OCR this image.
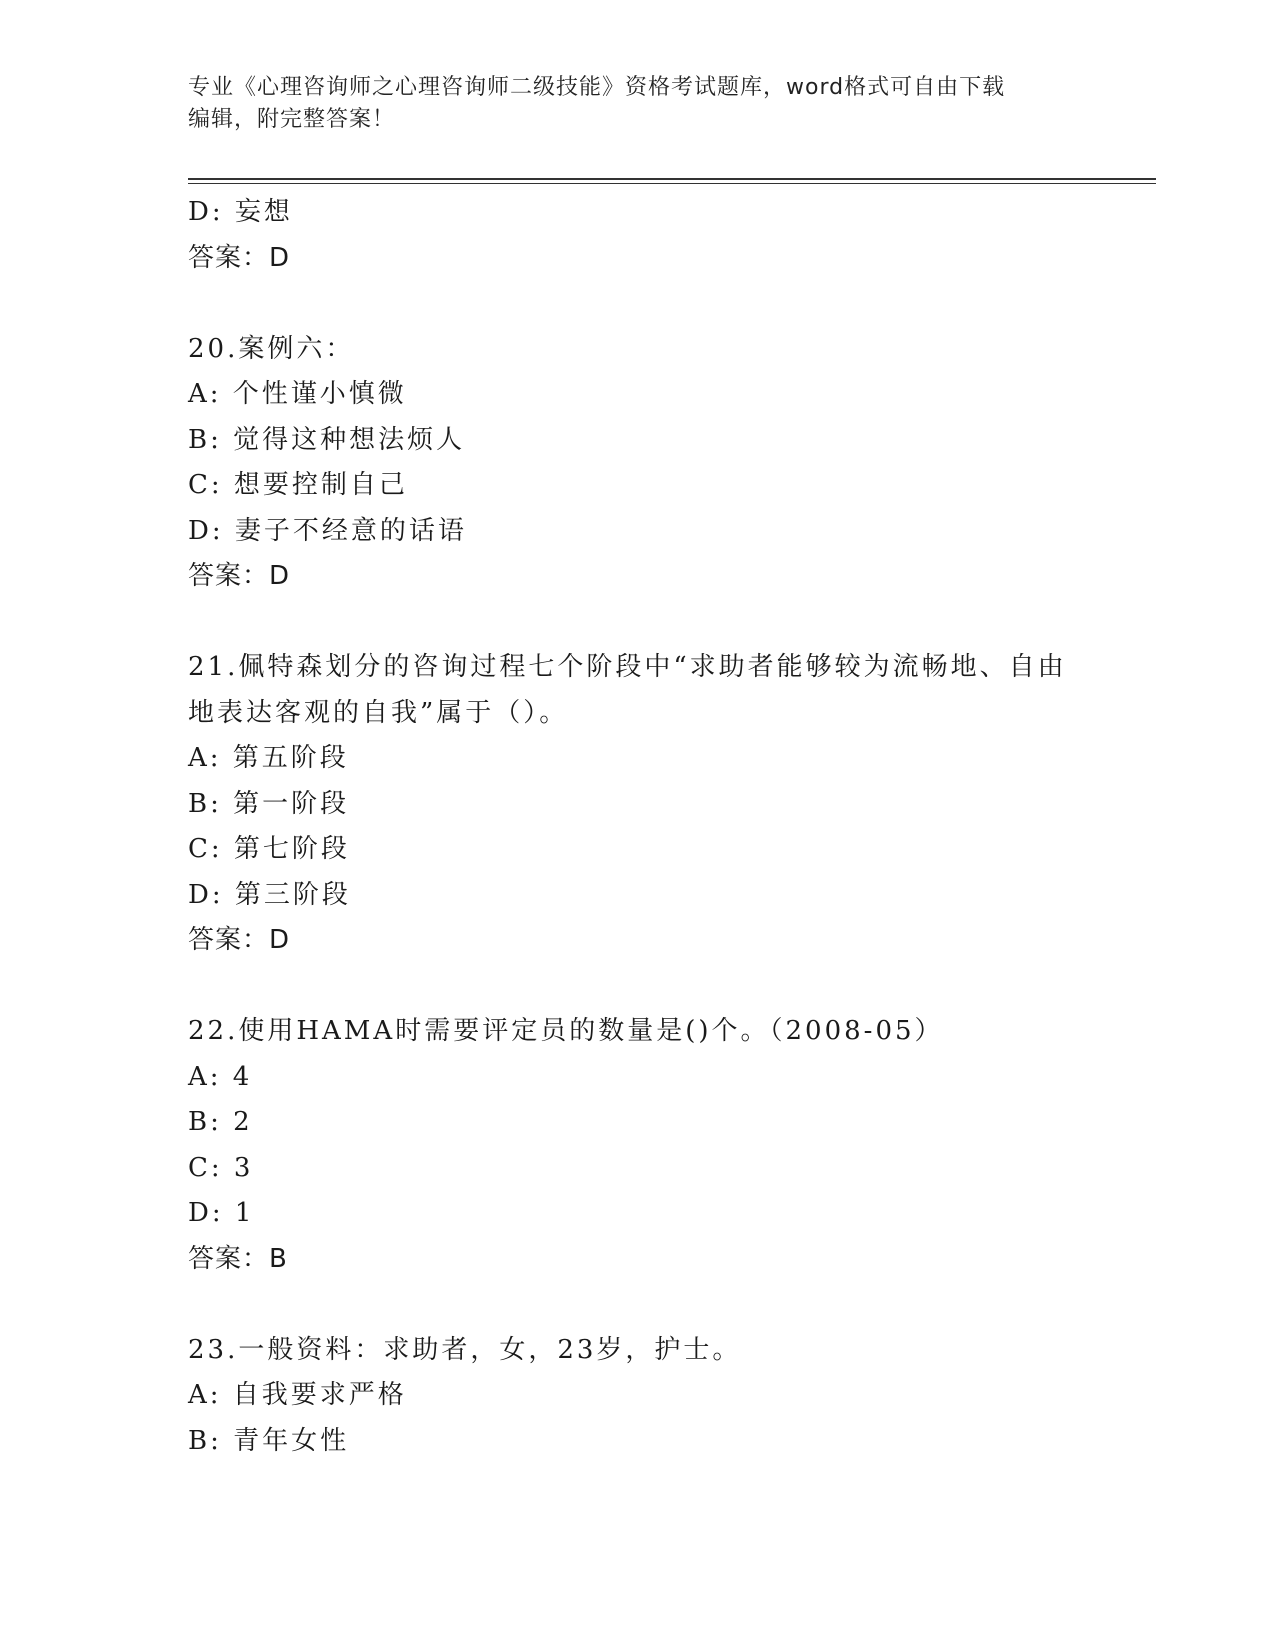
专业《心理咨询师之心理咨询师二级技能》资格考试题库，word格式可自由下载
编辑，附完整答案！
D: 妄想
答案：D
20.案例六：
A: 个性谨小慎微
B: 觉得这种想法烦人
C: 想要控制自己
D: 妻子不经意的话语
答案：D
21.佩特森划分的咨询过程七个阶段中“求助者能够较为流畅地、自由
地表达客观的自我”属于（）。
A: 第五阶段
B: 第一阶段
C: 第七阶段
D: 第三阶段
答案：D
22.使用HAMA时需要评定员的数量是()个。（2008-05）
A: 4
B: 2
C: 3
D: 1
答案：B
23.一般资料：求助者，女，23岁，护士。
A: 自我要求严格
B: 青年女性
